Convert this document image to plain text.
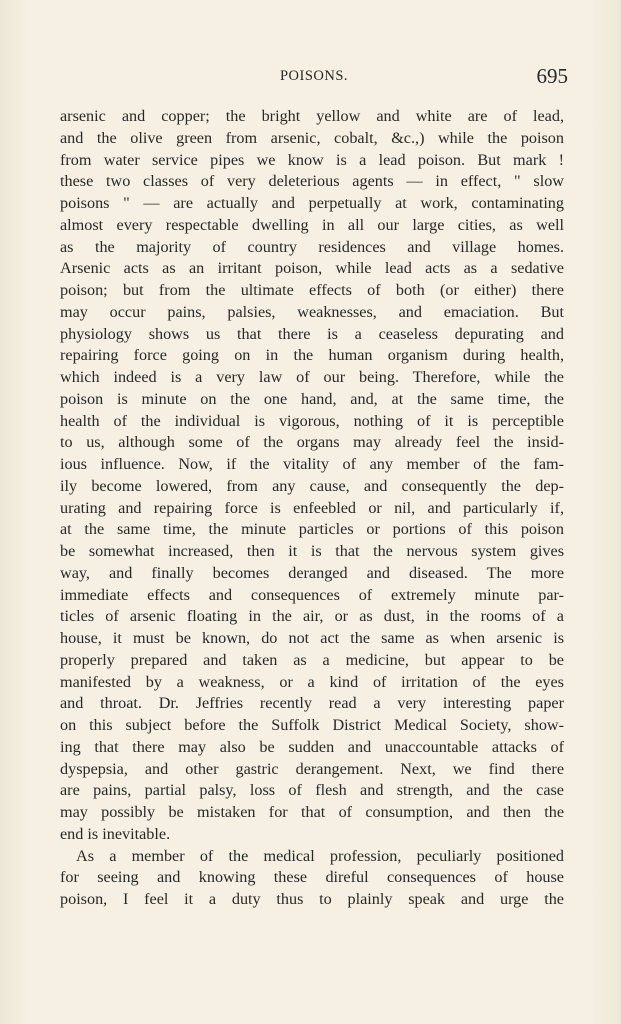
POISONS.	695
arsenic and copper; the bright yellow and white are of lead,
and the olive green from arsenic, cobalt, &c.,) while the poison
from water service pipes we know is a lead poison. But mark !
these two classes of very deleterious agents — in effect, " slow
poisons " — are actually and perpetually at work, contaminating
almost every respectable dwelling in all our large cities, as well
as the majority of country residences and village homes.
Arsenic acts as an irritant poison, while lead acts as a sedative
poison; but from the ultimate effects of both (or either) there
may occur pains, palsies, weaknesses, and emaciation. But
physiology shows us that there is a ceaseless depurating and
repairing force going on in the human organism during health,
which indeed is a very law of our being. Therefore, while the
poison is minute on the one hand, and, at the same time, the
health of the individual is vigorous, nothing of it is perceptible
to us, although some of the organs may already feel the insid-
ious influence. Now, if the vitality of any member of the fam-
ily become lowered, from any cause, and consequently the dep-
urating and repairing force is enfeebled or nil, and particularly if,
at the same time, the minute particles or portions of this poison
be somewhat increased, then it is that the nervous system gives
way, and finally becomes deranged and diseased. The more
immediate effects and consequences of extremely minute par-
ticles of arsenic floating in the air, or as dust, in the rooms of a
house, it must be known, do not act the same as when arsenic is
properly prepared and taken as a medicine, but appear to be
manifested by a weakness, or a kind of irritation of the eyes
and throat. Dr. Jeffries recently read a very interesting paper
on this subject before the Suffolk District Medical Society, show-
ing that there may also be sudden and unaccountable attacks of
dyspepsia, and other gastric derangement. Next, we find there
are pains, partial palsy, loss of flesh and strength, and the case
may possibly be mistaken for that of consumption, and then the
end is inevitable.
As a member of the medical profession, peculiarly positioned
for seeing and knowing these direful consequences of house
poison, I feel it a duty thus to plainly speak and urge the
